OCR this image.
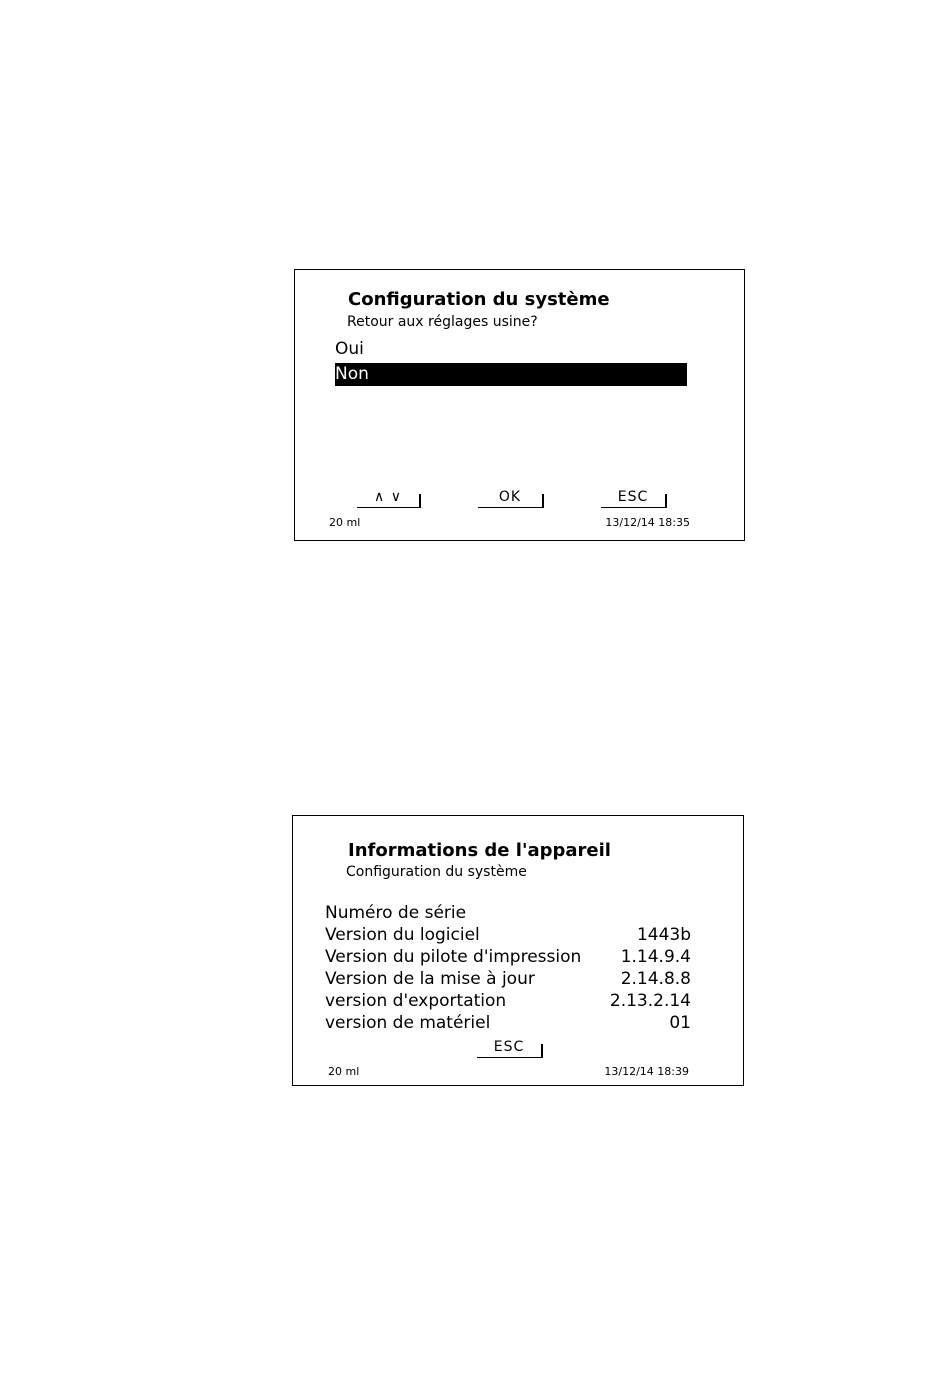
Configuration du système
Retour aux réglages usine?
Oui
Non
∧ ∨	OK	ESC
20 ml	13/12/14 18:35
Informations de l'appareil
Configuration du système
Numéro de série
Version du logiciel	1443b
Version du pilote d'impression 1.14.9.4
Version de la mise à jour	2.14.8.8
version d'exportation	2.13.2.14
version de matériel	01
ESC
20 ml	13/12/14 18:39
